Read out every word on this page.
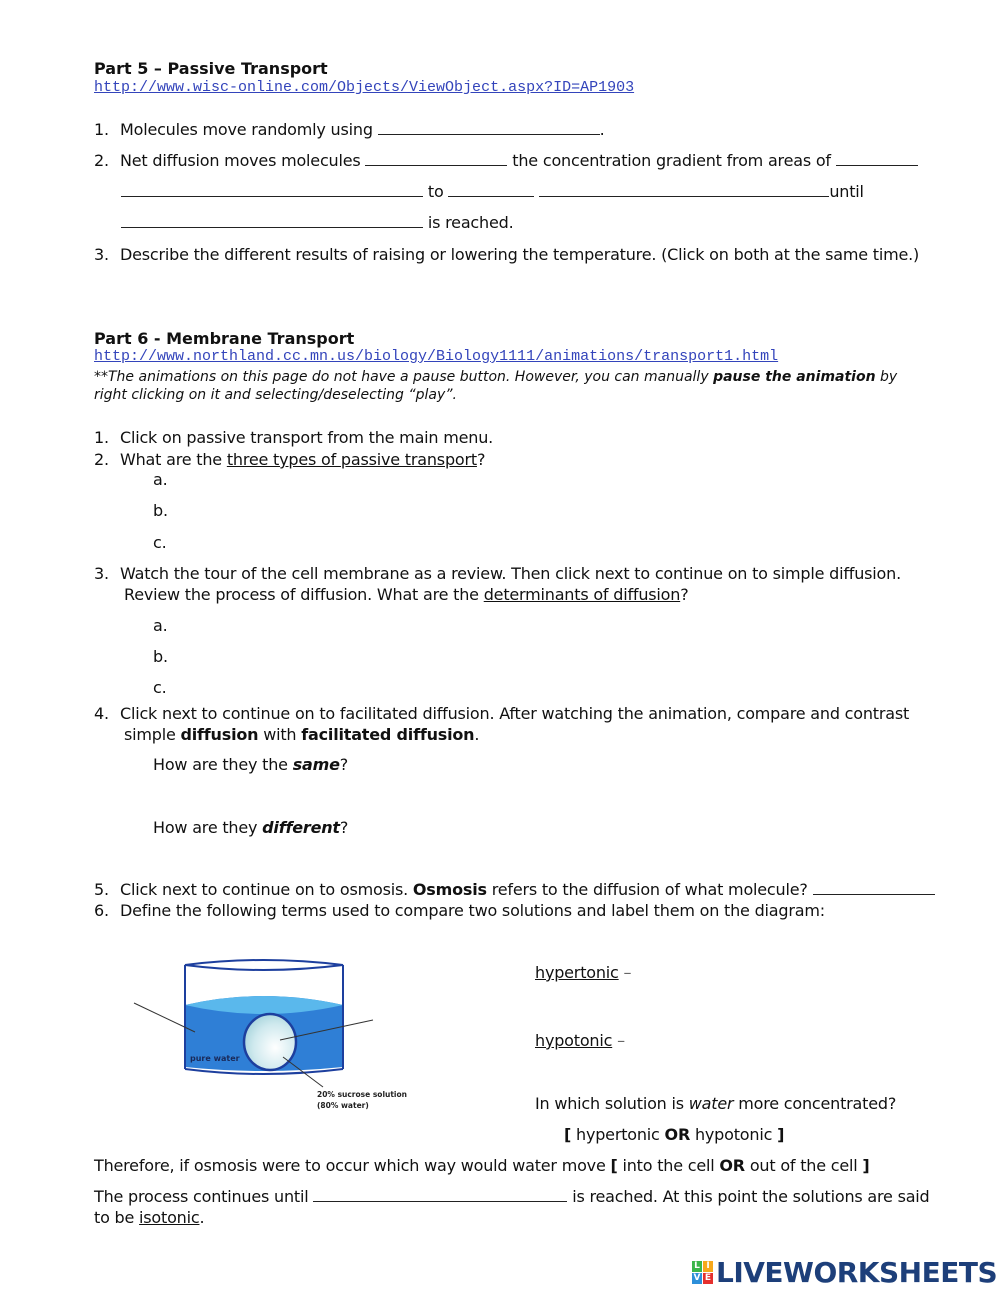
Part 5 – Passive Transport
http://www.wisc-online.com/Objects/ViewObject.aspx?ID=AP1903
1. Molecules move randomly using	.
2. Net diffusion moves molecules	the concentration gradient from areas of
to	until
is reached.
3. Describe the different results of raising or lowering the temperature. (Click on both at the same time.)
Part 6 - Membrane Transport
http://www.northland.cc.mn.us/biology/Biology1111/animations/transport1.html
**The animations on this page do not have a pause button. However, you can manually pause the animation by
right clicking on it and selecting/deselecting “play”.
1. Click on passive transport from the main menu.
2. What are the three types of passive transport?
a.
b.
c.
3. Watch the tour of the cell membrane as a review. Then click next to continue on to simple diffusion.
Review the process of diffusion. What are the determinants of diffusion?
a.
b.
c.
4. Click next to continue on to facilitated diffusion. After watching the animation, compare and contrast
simple diffusion with facilitated diffusion.
How are they the same?
How are they different?
5. Click next to continue on to osmosis. Osmosis refers to the diffusion of what molecule?
6. Define the following terms used to compare two solutions and label them on the diagram:
pure water
20% sucrose solution
(80% water)
hypertonic –
hypotonic –
In which solution is water more concentrated?
[ hypertonic OR hypotonic ]
Therefore, if osmosis were to occur which way would water move [ into the cell OR out of the cell ]
The process continues until	is reached. At this point the solutions are said
to be isotonic.
L I
V E LIVEWORKSHEETS
